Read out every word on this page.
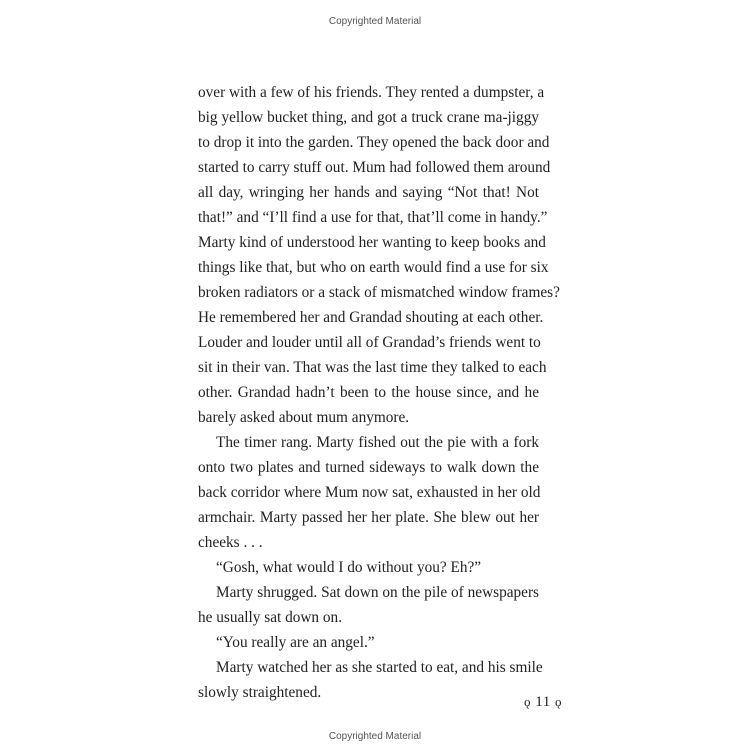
Copyrighted Material
over with a few of his friends. They rented a dumpster, a
big yellow bucket thing, and got a truck crane ma-jiggy
to drop it into the garden. They opened the back door and
started to carry stuff out. Mum had followed them around
all day, wringing her hands and saying “Not that! Not
that!” and “I’ll find a use for that, that’ll come in handy.”
Marty kind of understood her wanting to keep books and
things like that, but who on earth would find a use for six
broken radiators or a stack of mismatched window frames?
He remembered her and Grandad shouting at each other.
Louder and louder until all of Grandad’s friends went to
sit in their van. That was the last time they talked to each
other. Grandad hadn’t been to the house since, and he
barely asked about mum anymore.
The timer rang. Marty fished out the pie with a fork
onto two plates and turned sideways to walk down the
back corridor where Mum now sat, exhausted in her old
armchair. Marty passed her her plate. She blew out her
cheeks . . .
“Gosh, what would I do without you? Eh?”
Marty shrugged. Sat down on the pile of newspapers
he usually sat down on.
“You really are an angel.”
Marty watched her as she started to eat, and his smile
slowly straightened.
ǫ 11 ǫ
Copyrighted Material
